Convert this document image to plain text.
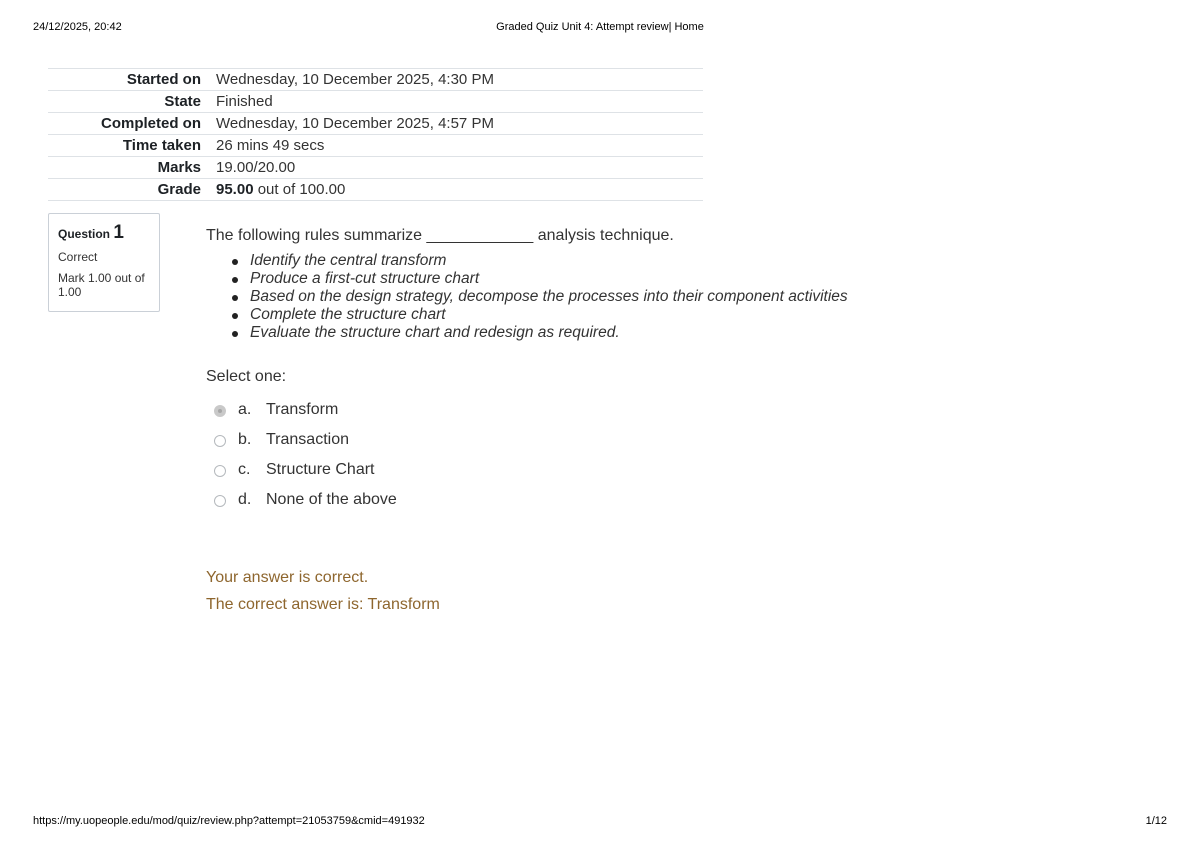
24/12/2025, 20:42	Graded Quiz Unit 4: Attempt review| Home
Started on	Wednesday, 10 December 2025, 4:30 PM
State	Finished
Completed on	Wednesday, 10 December 2025, 4:57 PM
Time taken	26 mins 49 secs
Marks	19.00/20.00
Grade	95.00 out of 100.00
Question 1
Correct
Mark 1.00 out of 1.00
The following rules summarize ____________ analysis technique.
Identify the central transform
Produce a first-cut structure chart
Based on the design strategy, decompose the processes into their component activities
Complete the structure chart
Evaluate the structure chart and redesign as required.
Select one:
a. Transform
b. Transaction
c. Structure Chart
d. None of the above
Your answer is correct.
The correct answer is: Transform
https://my.uopeople.edu/mod/quiz/review.php?attempt=21053759&cmid=491932	1/12
